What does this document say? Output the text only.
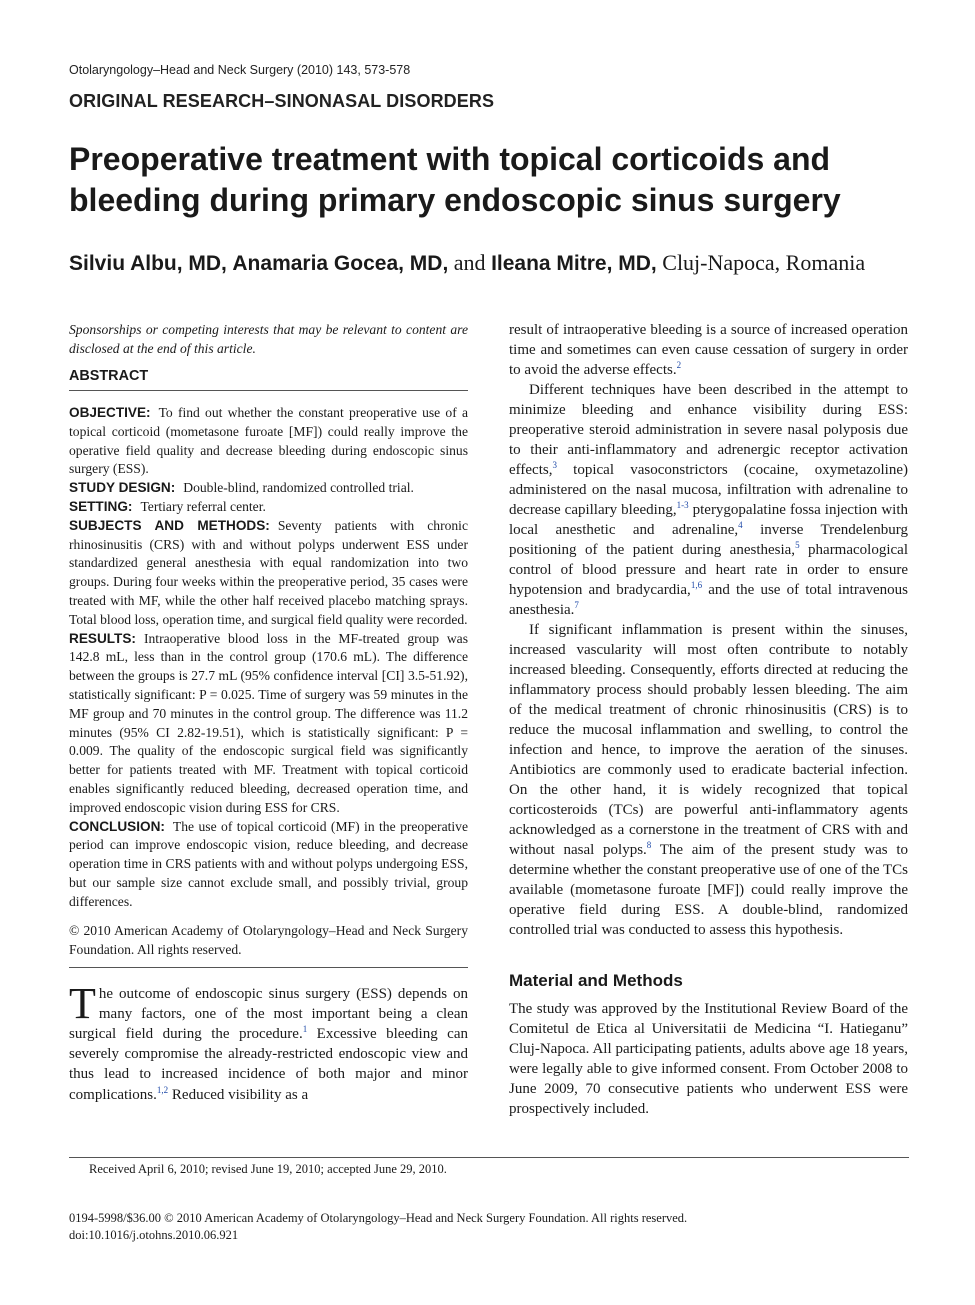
Otolaryngology–Head and Neck Surgery (2010) 143, 573-578
ORIGINAL RESEARCH–SINONASAL DISORDERS
Preoperative treatment with topical corticoids and
bleeding during primary endoscopic sinus surgery
Silviu Albu, MD, Anamaria Gocea, MD, and Ileana Mitre, MD, Cluj-Napoca, Romania

Sponsorships or competing interests that may be relevant to content are disclosed at the end of this article.

ABSTRACT

OBJECTIVE: To find out whether the constant preoperative use of a topical corticoid (mometasone furoate [MF]) could really improve the operative field quality and decrease bleeding during endoscopic sinus surgery (ESS).

STUDY DESIGN: Double-blind, randomized controlled trial.

SETTING: Tertiary referral center.

SUBJECTS AND METHODS: Seventy patients with chronic rhinosinusitis (CRS) with and without polyps underwent ESS under standardized general anesthesia with equal randomization into two groups. During four weeks within the preoperative period, 35 cases were treated with MF, while the other half received placebo matching sprays. Total blood loss, operation time, and surgical field quality were recorded.

RESULTS: Intraoperative blood loss in the MF-treated group was 142.8 mL, less than in the control group (170.6 mL). The difference between the groups is 27.7 mL (95% confidence interval [CI] 3.5-51.92), statistically significant: P = 0.025. Time of surgery was 59 minutes in the MF group and 70 minutes in the control group. The difference was 11.2 minutes (95% CI 2.82-19.51), which is statistically significant: P = 0.009. The quality of the endoscopic surgical field was significantly better for patients treated with MF. Treatment with topical corticoid enables significantly reduced bleeding, decreased operation time, and improved endoscopic vision during ESS for CRS.

CONCLUSION: The use of topical corticoid (MF) in the preoperative period can improve endoscopic vision, reduce bleeding, and decrease operation time in CRS patients with and without polyps undergoing ESS, but our sample size cannot exclude small, and possibly trivial, group differences.

© 2010 American Academy of Otolaryngology–Head and Neck Surgery Foundation. All rights reserved.

The outcome of endoscopic sinus surgery (ESS) depends on many factors, one of the most important being a clean surgical field during the procedure.$^1$ Excessive bleeding can severely compromise the already-restricted endoscopic view and thus lead to increased incidence of both major and minor complications.$^{1,2}$ Reduced visibility as a

result of intraoperative bleeding is a source of increased operation time and sometimes can even cause cessation of surgery in order to avoid the adverse effects.$^2$

Different techniques have been described in the attempt to minimize bleeding and enhance visibility during ESS: preoperative steroid administration in severe nasal polyposis due to their anti-inflammatory and adrenergic receptor activation effects,$^3$ topical vasoconstrictors (cocaine, oxymetazoline) administered on the nasal mucosa, infiltration with adrenaline to decrease capillary bleeding,$^{1-3}$ pterygopalatine fossa injection with local anesthetic and adrenaline,$^4$ inverse Trendelenburg positioning of the patient during anesthesia,$^5$ pharmacological control of blood pressure and heart rate in order to ensure hypotension and bradycardia,$^{1,6}$ and the use of total intravenous anesthesia.$^7$

If significant inflammation is present within the sinuses, increased vascularity will most often contribute to notably increased bleeding. Consequently, efforts directed at reducing the inflammatory process should probably lessen bleeding. The aim of the medical treatment of chronic rhinosinusitis (CRS) is to reduce the mucosal inflammation and swelling, to control the infection and hence, to improve the aeration of the sinuses. Antibiotics are commonly used to eradicate bacterial infection. On the other hand, it is widely recognized that topical corticosteroids (TCs) are powerful anti-inflammatory agents acknowledged as a cornerstone in the treatment of CRS with and without nasal polyps.$^8$ The aim of the present study was to determine whether the constant preoperative use of one of the TCs available (mometasone furoate [MF]) could really improve the operative field during ESS. A double-blind, randomized controlled trial was conducted to assess this hypothesis.

Material and Methods

The study was approved by the Institutional Review Board of the Comitetul de Etica al Universitatii de Medicina “I. Hatieganu” Cluj-Napoca. All participating patients, adults above age 18 years, were legally able to give informed consent. From October 2008 to June 2009, 70 consecutive patients who underwent ESS were prospectively included.

Received April 6, 2010; revised June 19, 2010; accepted June 29, 2010.
0194-5998/$36.00 © 2010 American Academy of Otolaryngology–Head and Neck Surgery Foundation. All rights reserved.
doi:10.1016/j.otohns.2010.06.921
